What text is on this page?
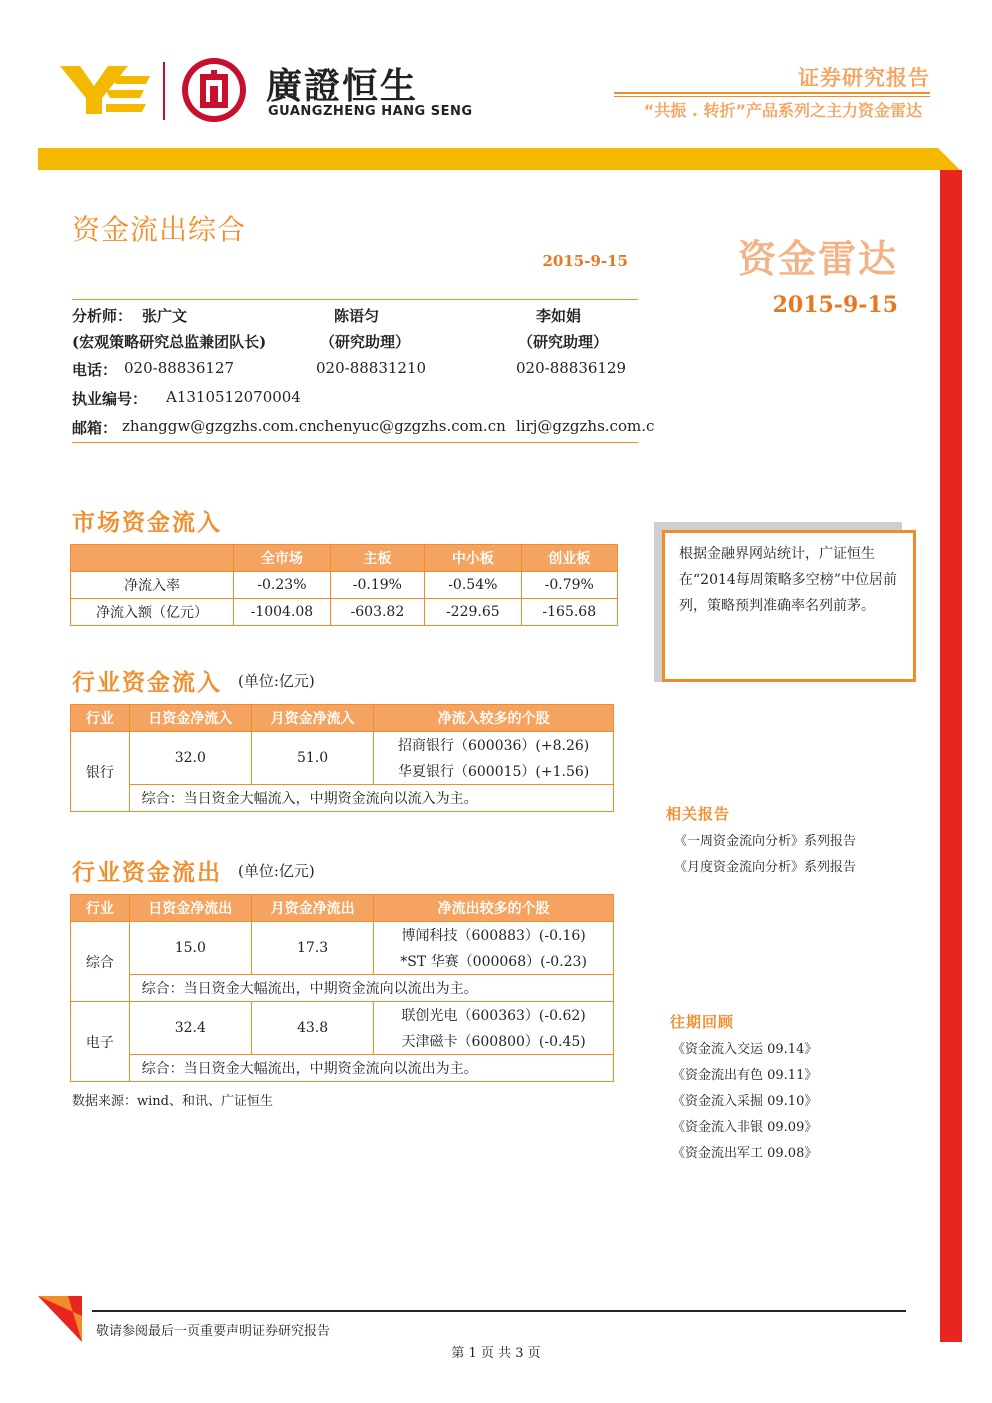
廣證恒生
GUANGZHENG HANG SENG
证券研究报告
“共振 . 转折”产品系列之主力资金雷达
资金流出综合
2015-9-15	资金雷达
2015-9-15
分析师： 张广文	陈语匀	李如娟
(宏观策略研究总监兼团队长)	（研究助理）	（研究助理）
电话： 020-88836127	020-88831210	020-88836129
执业编号： A1310512070004
邮箱： zhanggw@gzgzhs.com.cn chenyuc@gzgzhs.com.cn lirj@gzgzhs.com.c
市场资金流入
	全市场	主板	中小板	创业板
净流入率	-0.23%	-0.19%	-0.54%	-0.79%
净流入额（亿元）	-1004.08	-603.82	-229.65	-165.68
行业资金流入 (单位:亿元)
行业	日资金净流入	月资金净流入	净流入较多的个股
银行	32.0	51.0	招商银行（600036）(+8.26)
			华夏银行（600015）(+1.56)
	综合：当日资金大幅流入，中期资金流向以流入为主。		
行业资金流出 (单位:亿元)
行业	日资金净流出	月资金净流出	净流出较多的个股
综合	15.0	17.3	博闻科技（600883）(-0.16)
			*ST 华赛（000068）(-0.23)
	综合：当日资金大幅流出，中期资金流向以流出为主。		
电子	32.4	43.8	联创光电（600363）(-0.62)
			天津磁卡（600800）(-0.45)
	综合：当日资金大幅流出，中期资金流向以流出为主。		
数据来源：wind、和讯、广证恒生
根据金融界网站统计，广证恒生在“2014每周策略多空榜”中位居前列，策略预判准确率名列前茅。
相关报告
《一周资金流向分析》系列报告
《月度资金流向分析》系列报告
往期回顾
《资金流入交运 09.14》
《资金流出有色 09.11》
《资金流入采掘 09.10》
《资金流入非银 09.09》
《资金流出军工 09.08》
敬请参阅最后一页重要声明证券研究报告
第 1 页 共 3 页
